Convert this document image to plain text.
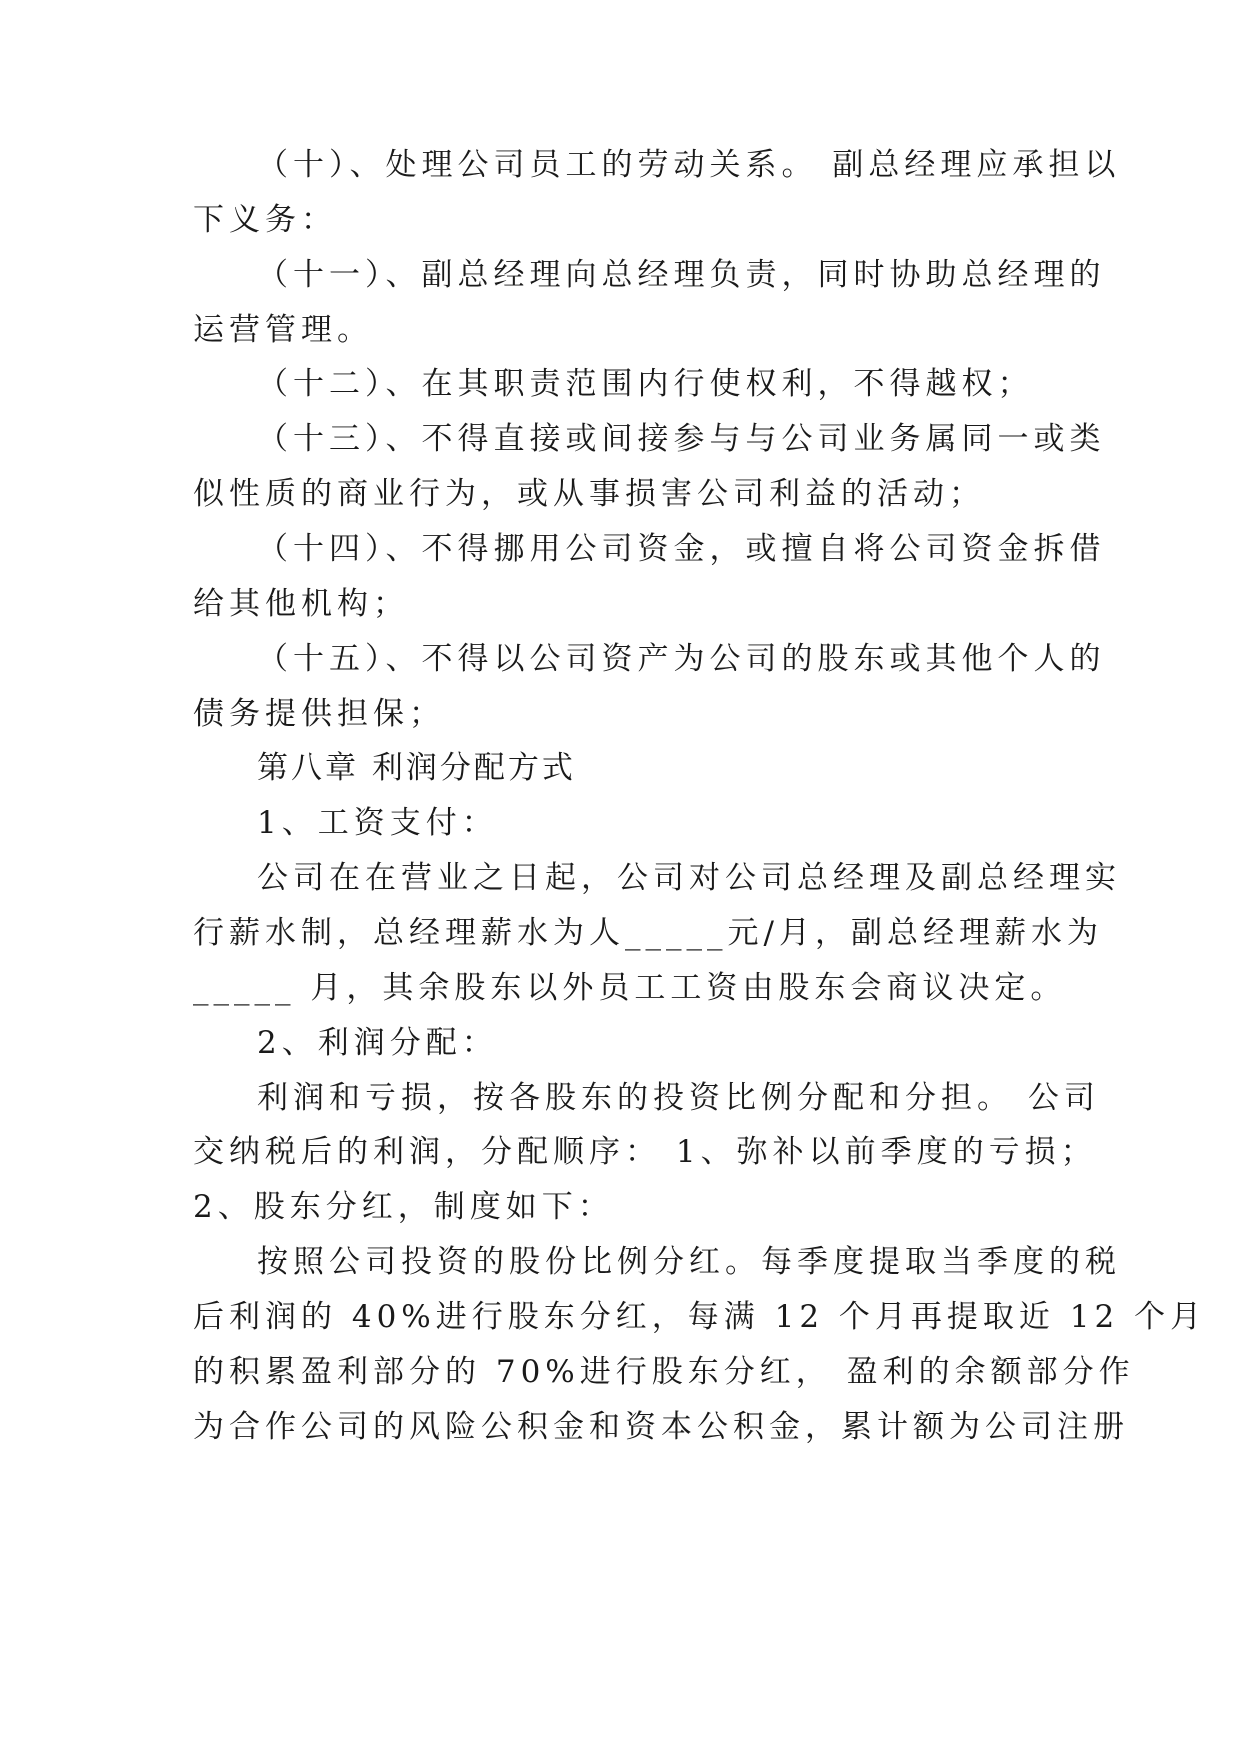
（十）、处理公司员工的劳动关系。 副总经理应承担以
下义务：
（十一）、副总经理向总经理负责，同时协助总经理的
运营管理。
（十二）、在其职责范围内行使权利，不得越权；
（十三）、不得直接或间接参与与公司业务属同一或类
似性质的商业行为，或从事损害公司利益的活动；
（十四）、不得挪用公司资金，或擅自将公司资金拆借
给其他机构；
（十五）、不得以公司资产为公司的股东或其他个人的
债务提供担保；
第八章 利润分配方式
1、工资支付：
公司在在营业之日起，公司对公司总经理及副总经理实
行薪水制，总经理薪水为人_____元/月，副总经理薪水为
_____ 月，其余股东以外员工工资由股东会商议决定。
2、利润分配：
利润和亏损，按各股东的投资比例分配和分担。 公司
交纳税后的利润，分配顺序： 1、弥补以前季度的亏损；
2、股东分红，制度如下：
按照公司投资的股份比例分红。每季度提取当季度的税
后利润的 40%进行股东分红，每满 12 个月再提取近 12 个月
的积累盈利部分的 70%进行股东分红， 盈利的余额部分作
为合作公司的风险公积金和资本公积金，累计额为公司注册
